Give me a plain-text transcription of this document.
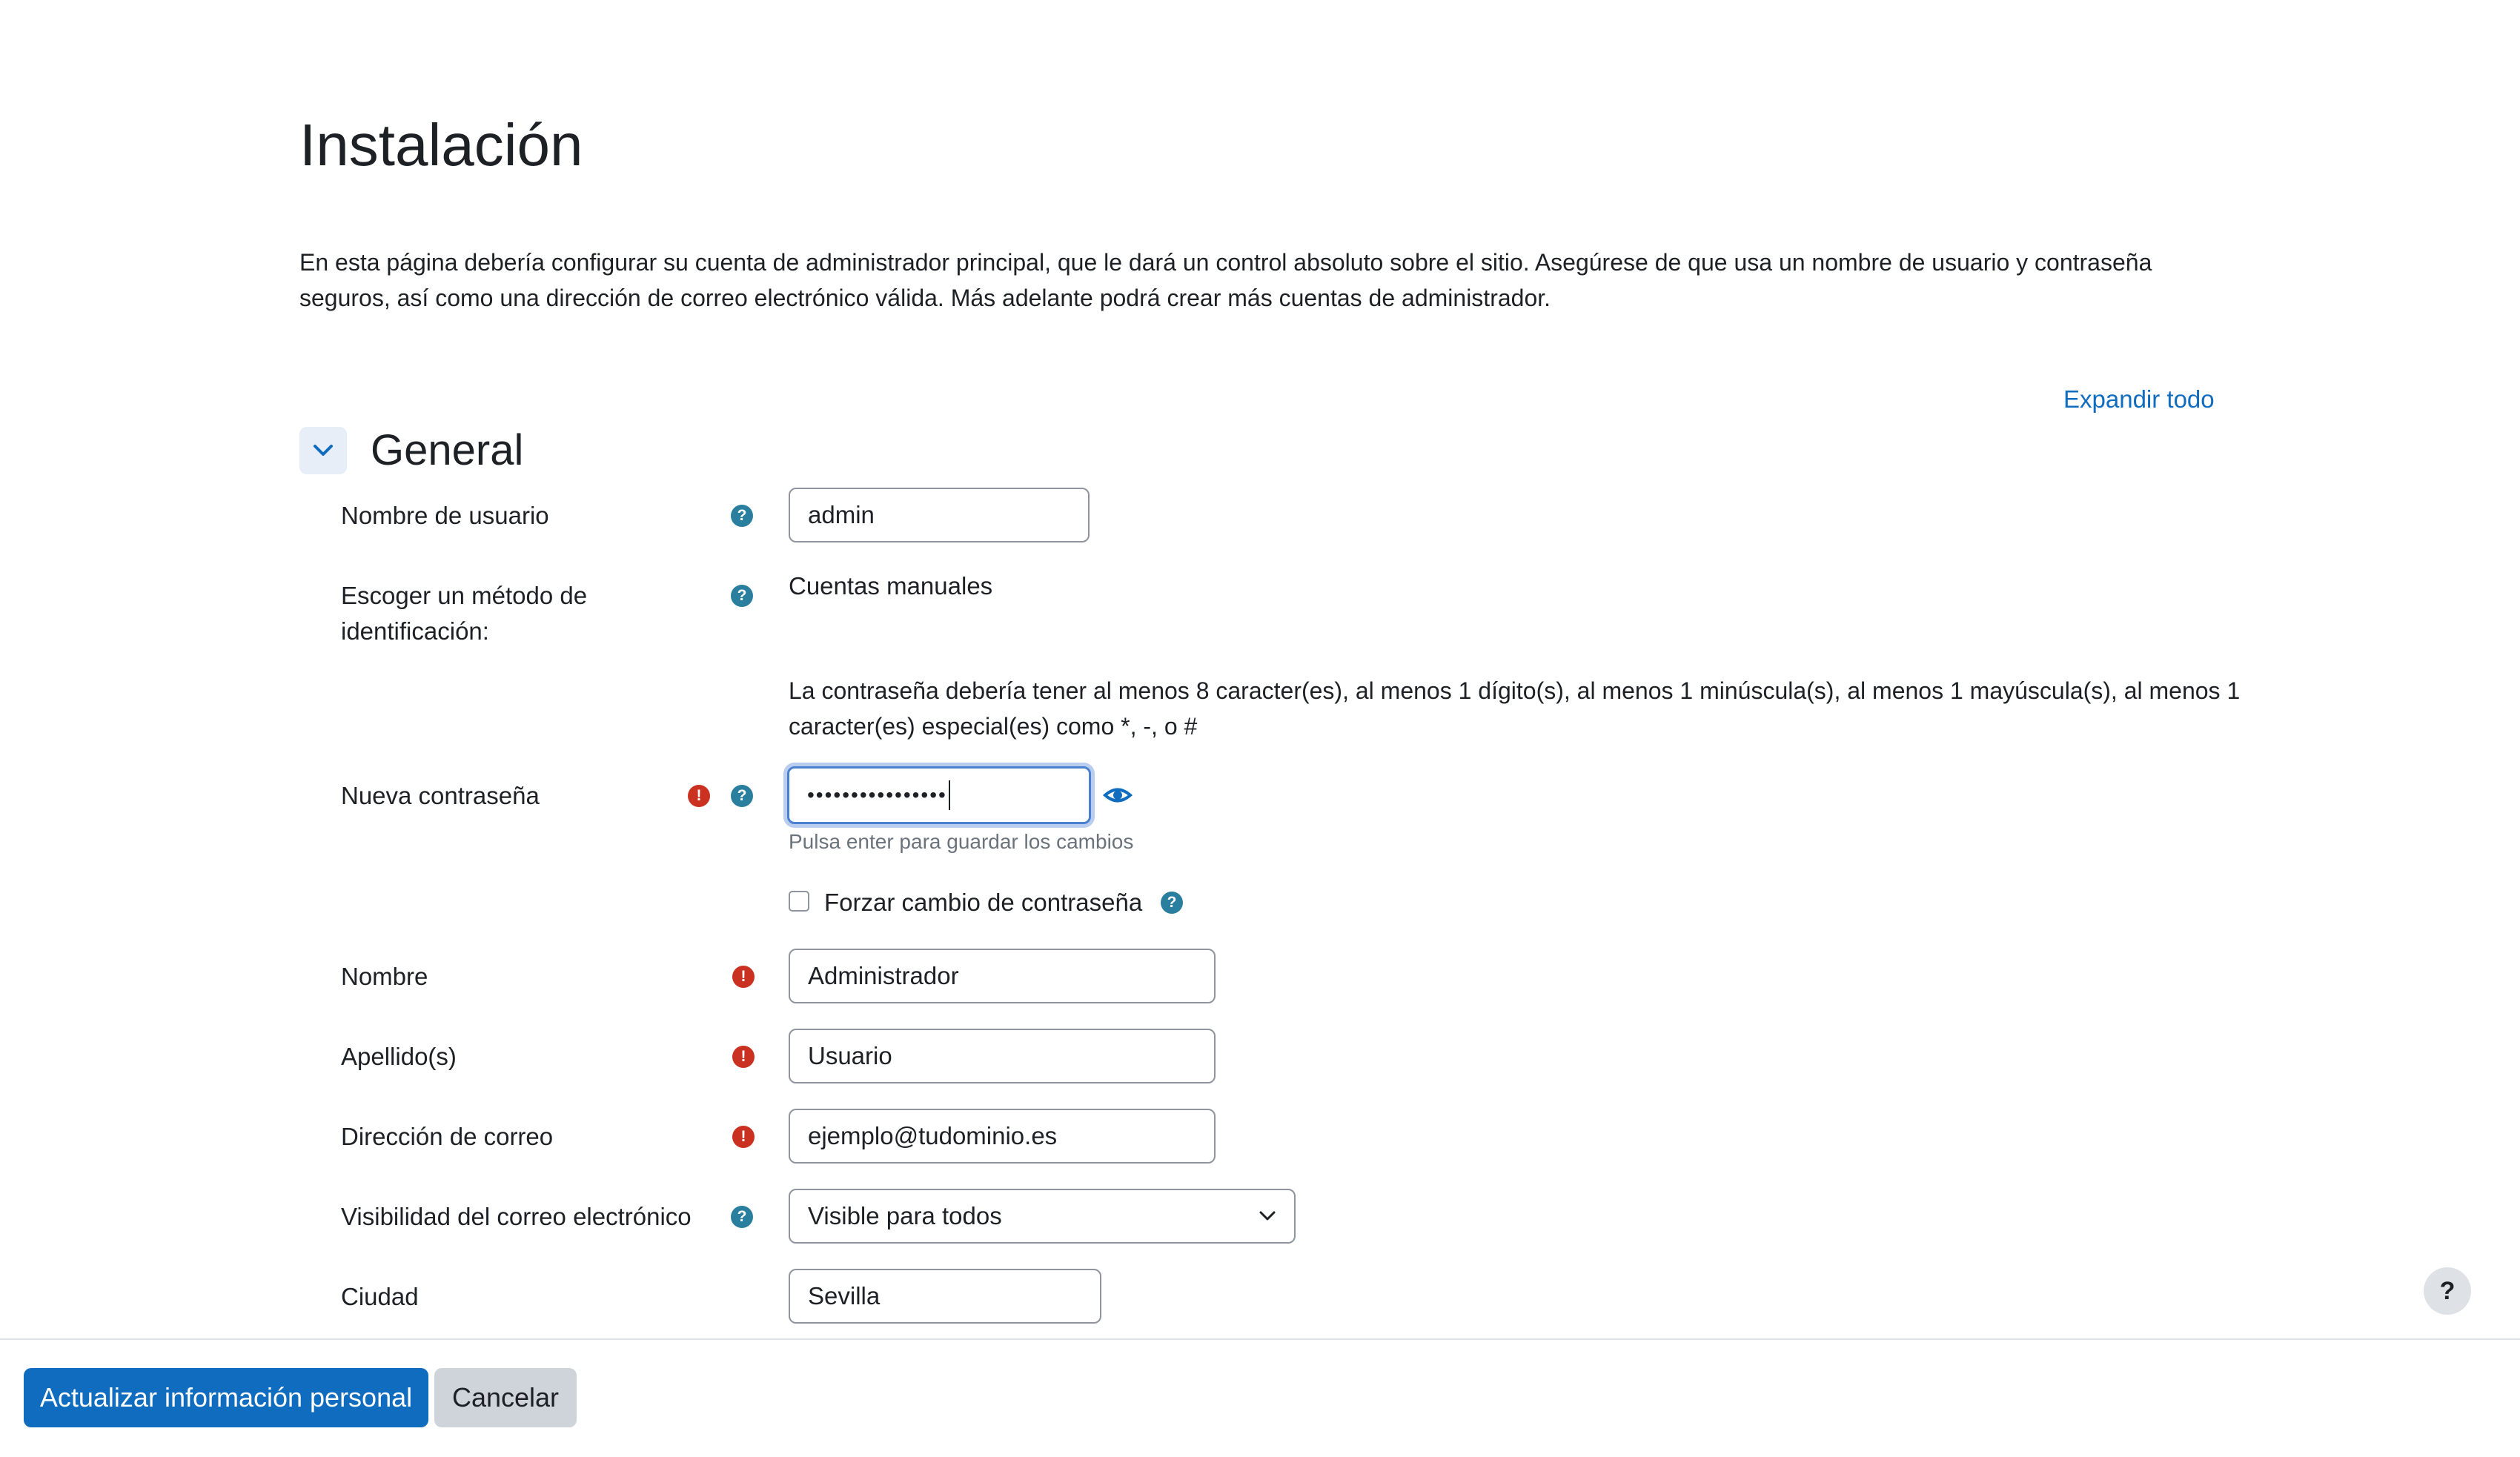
Instalación
En esta página debería configurar su cuenta de administrador principal, que le dará un control absoluto sobre el sitio. Asegúrese de que usa un nombre de usuario y contraseña seguros, así como una dirección de correo electrónico válida. Más adelante podrá crear más cuentas de administrador.
Expandir todo
General
Nombre de usuario	?	admin
Escoger un método de identificación:
? Cuentas manuales
La contraseña debería tener al menos 8 caracter(es), al menos 1 dígito(s), al menos 1 minúscula(s), al menos 1 mayúscula(s), al menos 1 caracter(es) especial(es) como *, -, o #
Nueva contraseña	!	?	••••••••••••••••
Pulsa enter para guardar los cambios
Forzar cambio de contraseña	?
Nombre	!	Administrador
Apellido(s)	!	Usuario
Dirección de correo	!	ejemplo@tudominio.es
Visibilidad del correo electrónico	?	Visible para todos
Ciudad	Sevilla	?
Actualizar información personal	Cancelar
